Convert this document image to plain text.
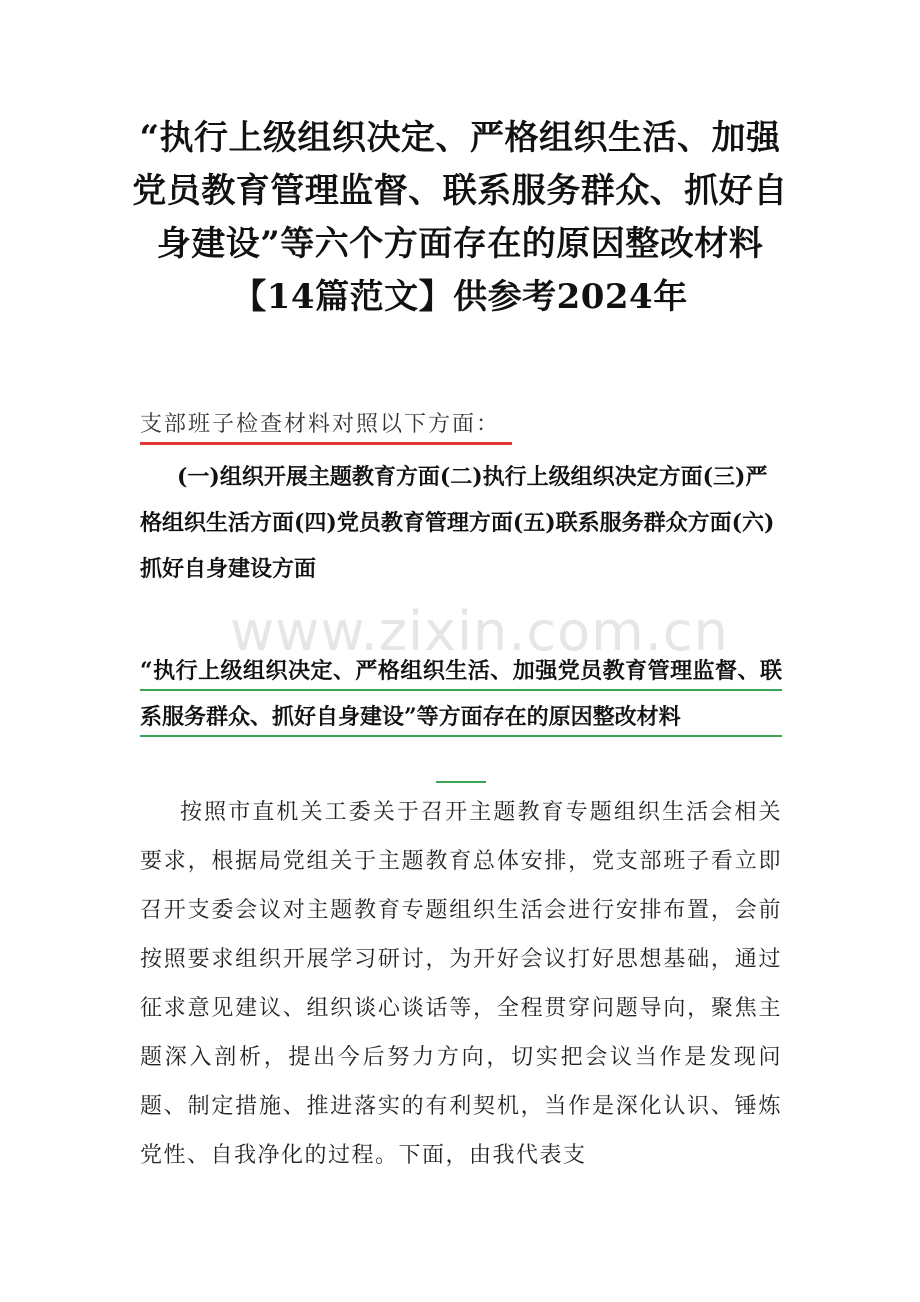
“执行上级组织决定、严格组织生活、加强党员教育管理监督、联系服务群众、抓好自身建设”等六个方面存在的原因整改材料【14篇范文】供参考2024年
支部班子检查材料对照以下方面：

(一)组织开展主题教育方面(二)执行上级组织决定方面(三)严格组织生活方面(四)党员教育管理方面(五)联系服务群众方面(六)抓好自身建设方面

www.zixin.com.cn
“执行上级组织决定、严格组织生活、加强党员教育管理监督、联系服务群众、抓好自身建设”等方面存在的原因整改材料

按照市直机关工委关于召开主题教育专题组织生活会相关要求，根据局党组关于主题教育总体安排，党支部班子看立即召开支委会议对主题教育专题组织生活会进行安排布置，会前按照要求组织开展学习研讨，为开好会议打好思想基础，通过征求意见建议、组织谈心谈话等，全程贯穿问题导向，聚焦主题深入剖析，提出今后努力方向，切实把会议当作是发现问题、制定措施、推进落实的有利契机，当作是深化认识、锤炼党性、自我净化的过程。下面，由我代表支
